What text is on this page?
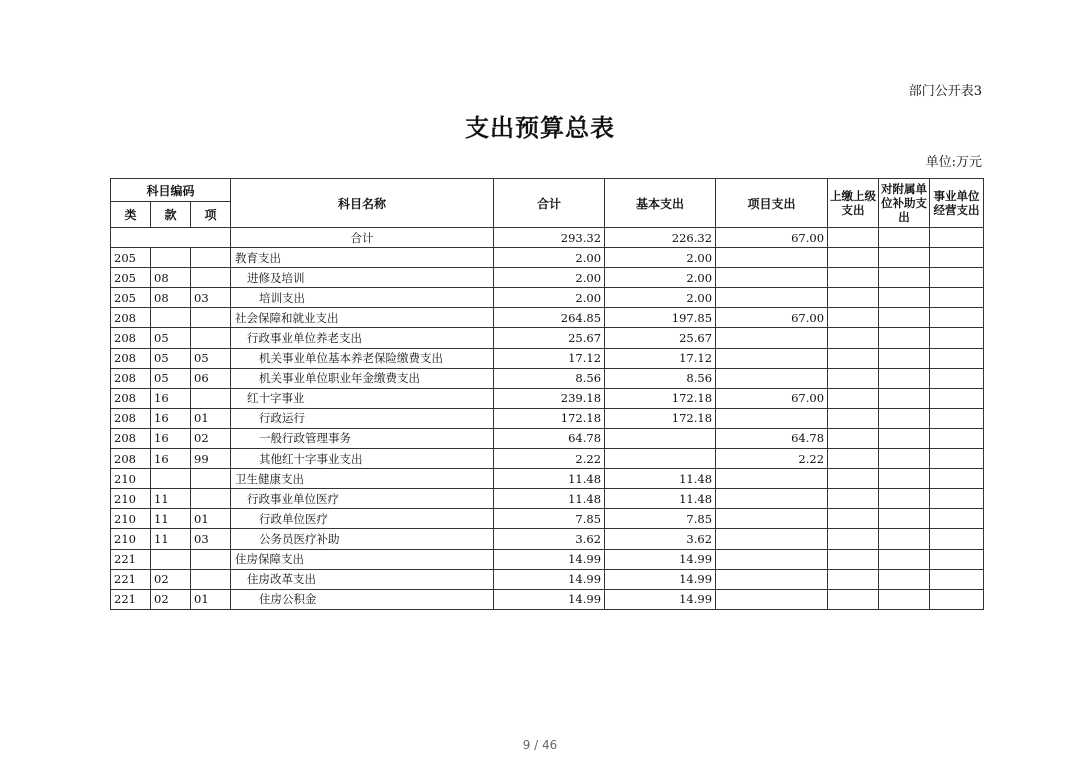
部门公开表3
支出预算总表
单位:万元
科目编码			科目名称	合计	基本支出	项目支出	上缴上级支出	对附属单位补助支出	事业单位经营支出
类	款	项							
			合计	293.32	226.32	67.00			
205			教育支出	2.00	2.00				
205	08		进修及培训	2.00	2.00				
205	08	03	培训支出	2.00	2.00				
208			社会保障和就业支出	264.85	197.85	67.00			
208	05		行政事业单位养老支出	25.67	25.67				
208	05	05	机关事业单位基本养老保险缴费支出	17.12	17.12				
208	05	06	机关事业单位职业年金缴费支出	8.56	8.56				
208	16		红十字事业	239.18	172.18	67.00			
208	16	01	行政运行	172.18	172.18				
208	16	02	一般行政管理事务	64.78		64.78			
208	16	99	其他红十字事业支出	2.22		2.22			
210			卫生健康支出	11.48	11.48				
210	11		行政事业单位医疗	11.48	11.48				
210	11	01	行政单位医疗	7.85	7.85				
210	11	03	公务员医疗补助	3.62	3.62				
221			住房保障支出	14.99	14.99				
221	02		住房改革支出	14.99	14.99				
221	02	01	住房公积金	14.99	14.99				
9 / 46
